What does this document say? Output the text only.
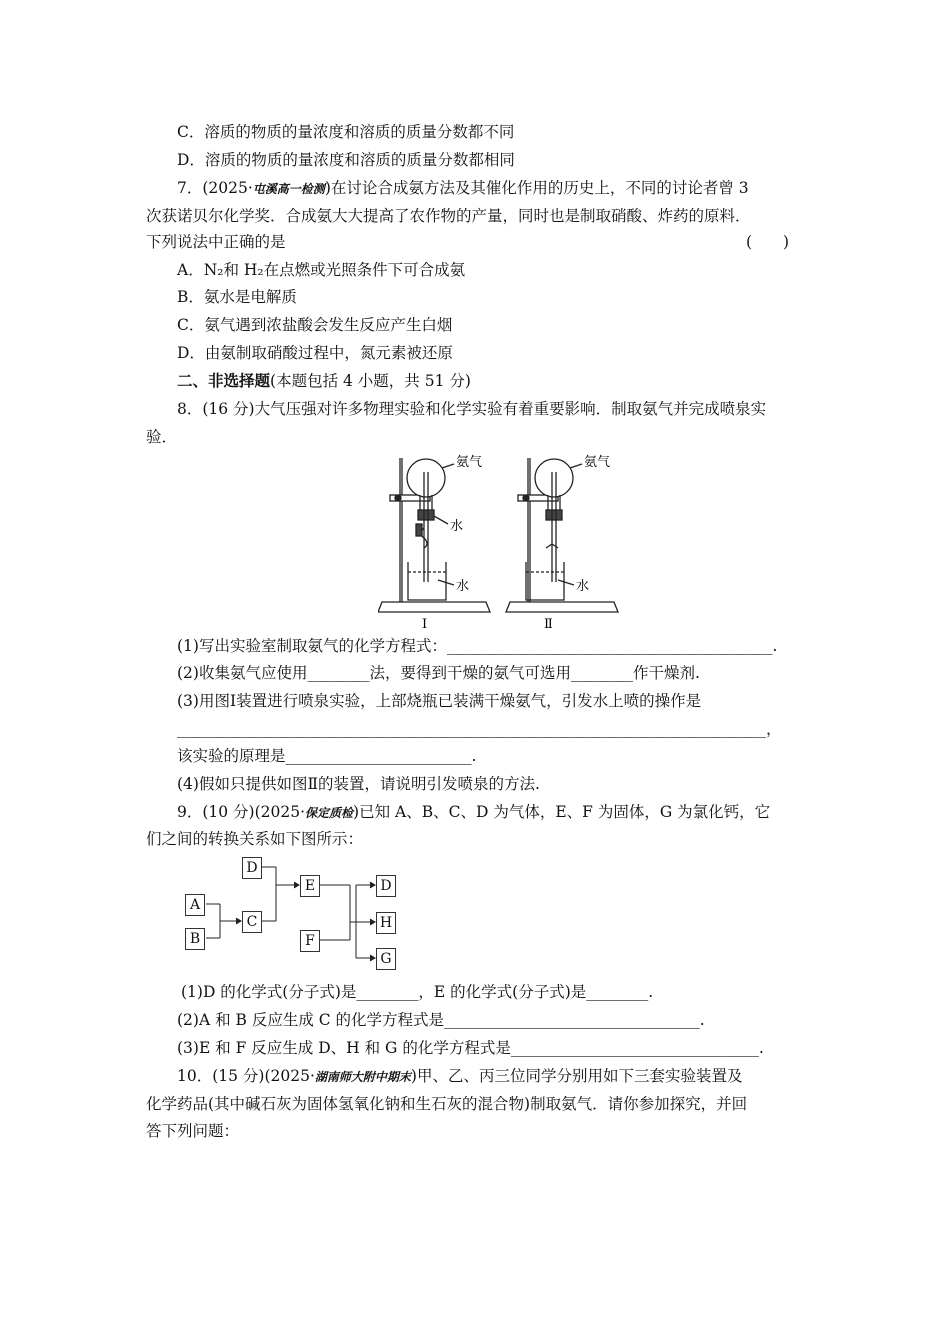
C．溶质的物质的量浓度和溶质的质量分数都不同
D．溶质的物质的量浓度和溶质的质量分数都相同
7．(2025·屯溪高一检测)在讨论合成氨方法及其催化作用的历史上，不同的讨论者曾 3
次获诺贝尔化学奖．合成氨大大提高了农作物的产量，同时也是制取硝酸、炸药的原料．
下列说法中正确的是	(　　)
A．N₂和 H₂在点燃或光照条件下可合成氨
B．氨水是电解质
C．氨气遇到浓盐酸会发生反应产生白烟
D．由氨制取硝酸过程中，氮元素被还原
二、非选择题(本题包括 4 小题，共 51 分)
8．(16 分)大气压强对许多物理实验和化学实验有着重要影响．制取氨气并完成喷泉实
验．
氨气
水
水
Ⅰ
氨气
水
Ⅱ
(1)写出实验室制取氨气的化学方程式：__________________________________________.
(2)收集氨气应使用________法，要得到干燥的氨气可选用________作干燥剂.
(3)用图Ⅰ装置进行喷泉实验，上部烧瓶已装满干燥氨气，引发水上喷的操作是
____________________________________________________________________________，
该实验的原理是________________________.
(4)假如只提供如图Ⅱ的装置，请说明引发喷泉的方法.
9．(10 分)(2025·保定质检)已知 A、B、C、D 为气体，E、F 为固体，G 为氯化钙，它
们之间的转换关系如下图所示：
A
B
C
D
E
F
D
H
G
(1)D 的化学式(分子式)是________，E 的化学式(分子式)是________.
(2)A 和 B 反应生成 C 的化学方程式是_________________________________.
(3)E 和 F 反应生成 D、H 和 G 的化学方程式是________________________________.
10．(15 分)(2025·湖南师大附中期末)甲、乙、丙三位同学分别用如下三套实验装置及
化学药品(其中碱石灰为固体氢氧化钠和生石灰的混合物)制取氨气．请你参加探究，并回
答下列问题：
